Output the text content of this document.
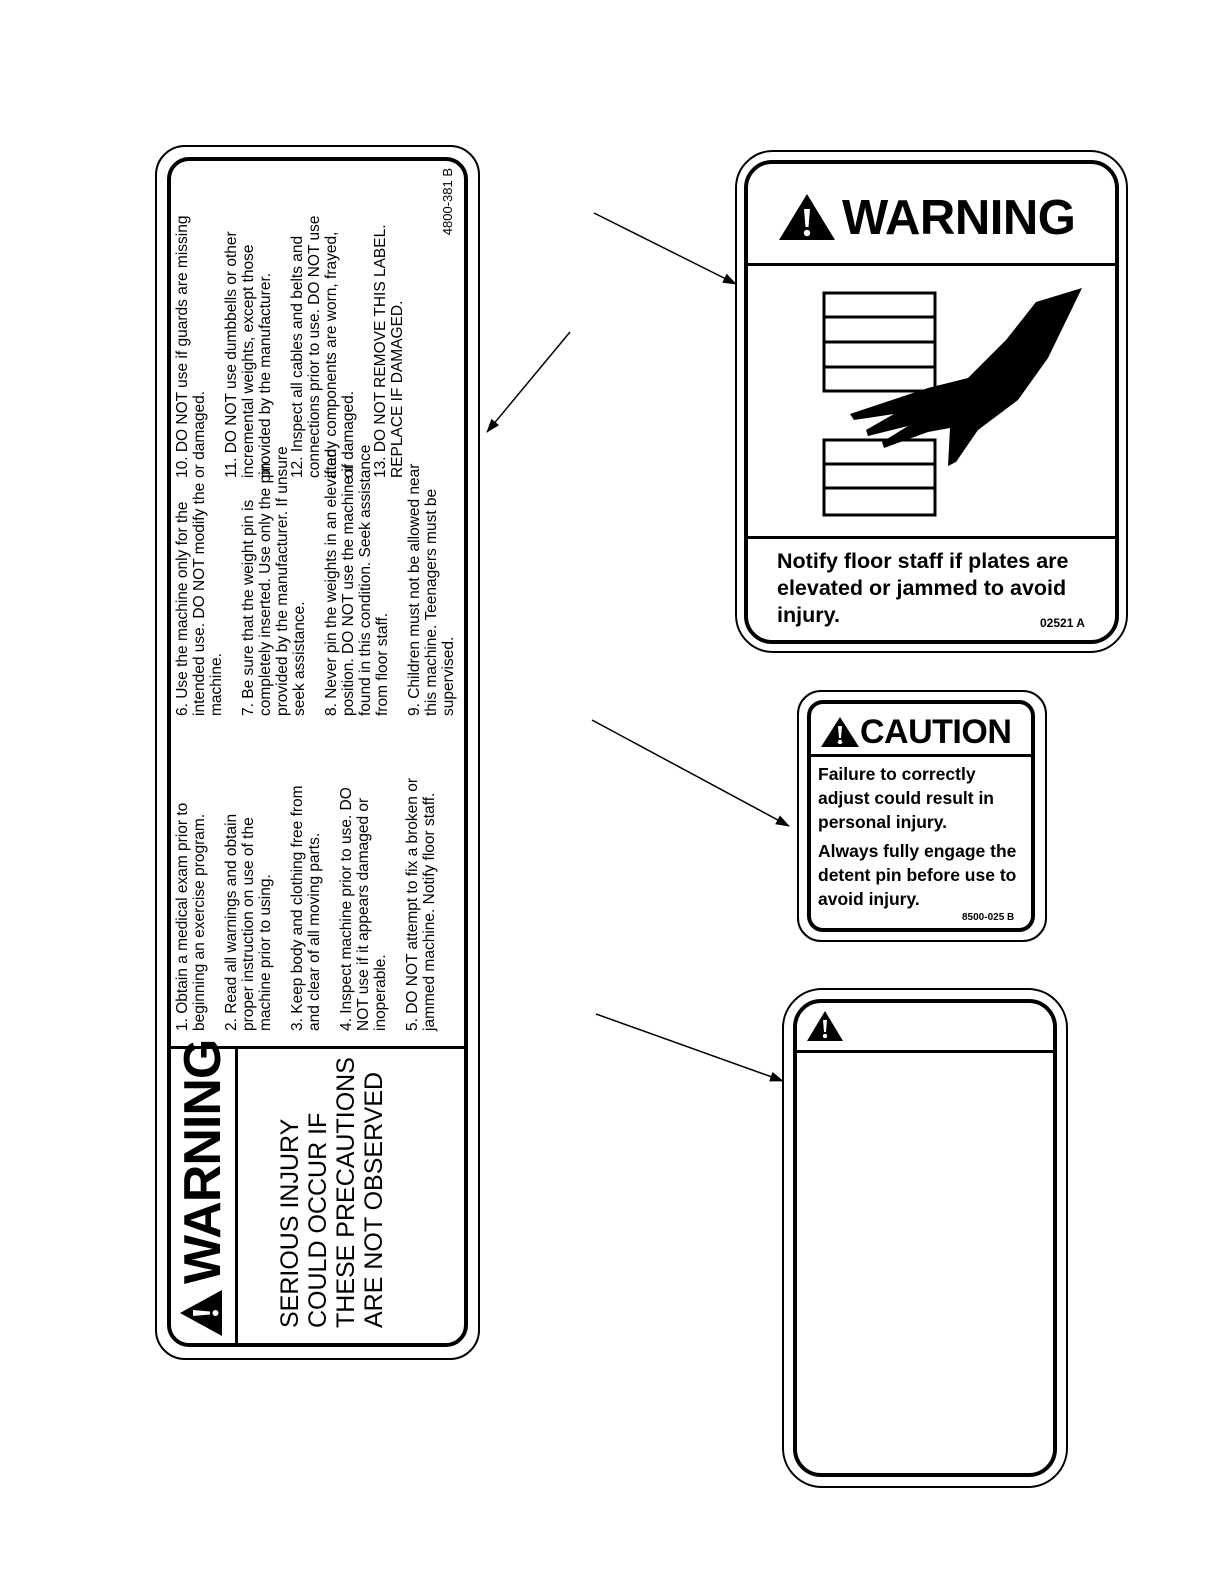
WARNING SERIOUS INJURY
COULD OCCUR IF
THESE PRECAUTIONS
ARE NOT OBSERVED

1. Obtain a medical exam prior to
beginning an exercise program.

2. Read all warnings and obtain
proper instruction on use of the
machine prior to using.

3. Keep body and clothing free from
and clear of all moving parts.

4. Inspect machine prior to use. DO
NOT use if it appears damaged or
inoperable. 5. DO NOT attempt to fix a broken or
jammed machine. Notify floor staff.

6. Use the machine only for the
intended use. DO NOT modify the
machine. 7. Be sure that the weight pin is
completely inserted. Use only the pin
provided by the manufacturer. If unsure
seek assistance.

8. Never pin the weights in an elevated
position. DO NOT use the machine if
found in this condition. Seek assistance
from floor staff.

9. Children must not be allowed near
this machine. Teenagers must be
supervised.

10. DO NOT use if guards are missing
or damaged.

11. DO NOT use dumbbells or other
incremental weights, except those
provided by the manufacturer.

12. Inspect all cables and belts and
connections prior to use. DO NOT use
if any components are worn, frayed,
or damaged.

13. DO NOT REMOVE THIS LABEL.
REPLACE IF DAMAGED.

4800-381 B	WARNING
Notify floor staff if plates are elevated or jammed to avoid injury.	02521 A
CAUTION
Failure to correctly adjust could result in personal injury.
Always fully engage the detent pin before use to avoid injury.
8500-025 B
